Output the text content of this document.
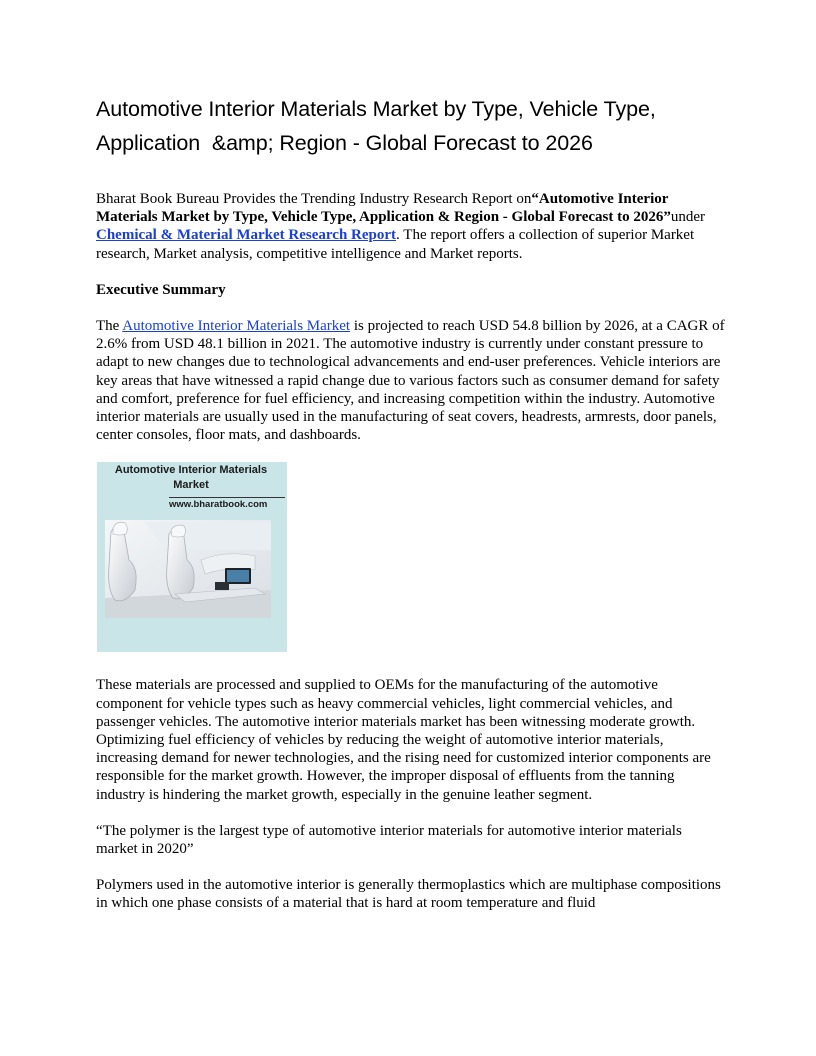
Automotive Interior Materials Market by Type, Vehicle Type,
Application  &amp; Region - Global Forecast to 2026

Bharat Book Bureau Provides the Trending Industry Research Report on“Automotive Interior Materials Market by Type, Vehicle Type, Application & Region - Global Forecast to 2026”under Chemical & Material Market Research Report. The report offers a collection of superior Market research, Market analysis, competitive intelligence and Market reports.

Executive Summary

The Automotive Interior Materials Market is projected to reach USD 54.8 billion by 2026, at a CAGR of 2.6% from USD 48.1 billion in 2021. The automotive industry is currently under constant pressure to adapt to new changes due to technological advancements and end-user preferences. Vehicle interiors are key areas that have witnessed a rapid change due to various factors such as consumer demand for safety and comfort, preference for fuel efficiency, and increasing competition within the industry. Automotive interior materials are usually used in the manufacturing of seat covers, headrests, armrests, door panels, center consoles, floor mats, and dashboards.

Automotive Interior Materials Market
www.bharatbook.com

These materials are processed and supplied to OEMs for the manufacturing of the automotive component for vehicle types such as heavy commercial vehicles, light commercial vehicles, and passenger vehicles. The automotive interior materials market has been witnessing moderate growth. Optimizing fuel efficiency of vehicles by reducing the weight of automotive interior materials, increasing demand for newer technologies, and the rising need for customized interior components are responsible for the market growth. However, the improper disposal of effluents from the tanning industry is hindering the market growth, especially in the genuine leather segment.

“The polymer is the largest type of automotive interior materials for automotive interior materials market in 2020”

Polymers used in the automotive interior is generally thermoplastics which are multiphase compositions in which one phase consists of a material that is hard at room temperature and fluid
